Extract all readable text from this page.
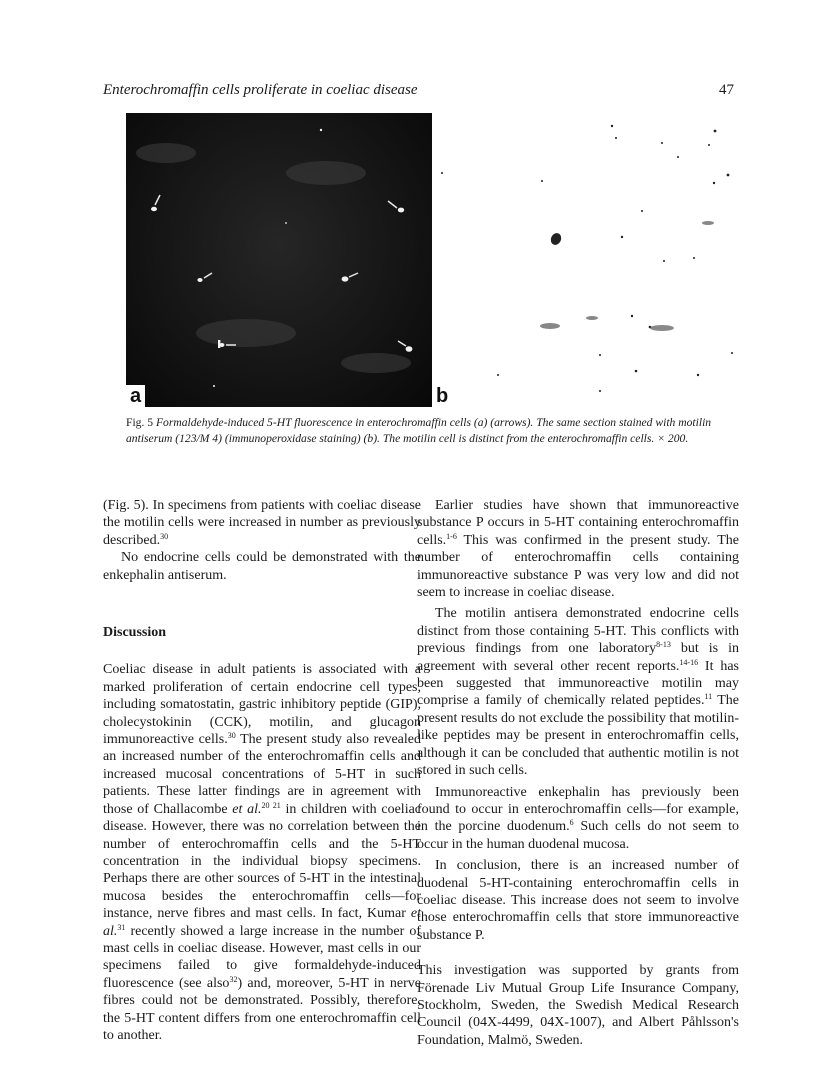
Enterochromaffin cells proliferate in coeliac disease	47
a	b
Fig. 5 Formaldehyde-induced 5-HT fluorescence in enterochromaffin cells (a) (arrows). The same section stained with motilin antiserum (123/M 4) (immunoperoxidase staining) (b). The motilin cell is distinct from the enterochromaffin cells. × 200.

(Fig. 5). In specimens from patients with coeliac disease the motilin cells were increased in number as previously described.$^{30}$

No endocrine cells could be demonstrated with the enkephalin antiserum.

Discussion

Coeliac disease in adult patients is associated with a marked proliferation of certain endocrine cell types, including somatostatin, gastric inhibitory peptide (GIP), cholecystokinin (CCK), motilin, and glucagon immunoreactive cells.$^{30}$ The present study also revealed an increased number of the enterochromaffin cells and increased mucosal concentrations of 5-HT in such patients. These latter findings are in agreement with those of Challacombe et al.$^{20 21}$ in children with coeliac disease. However, there was no correlation between the number of enterochromaffin cells and the 5-HT concentration in the individual biopsy specimens. Perhaps there are other sources of 5-HT in the intestinal mucosa besides the enterochromaffin cells—for instance, nerve fibres and mast cells. In fact, Kumar et al.$^{31}$ recently showed a large increase in the number of mast cells in coeliac disease. However, mast cells in our specimens failed to give formaldehyde-induced fluorescence (see also$^{32}$) and, moreover, 5-HT in nerve fibres could not be demonstrated. Possibly, therefore, the 5-HT content differs from one enterochromaffin cell to another.

Earlier studies have shown that immunoreactive substance P occurs in 5-HT containing enterochromaffin cells.$^{1-6}$ This was confirmed in the present study. The number of enterochromaffin cells containing immunoreactive substance P was very low and did not seem to increase in coeliac disease.

The motilin antisera demonstrated endocrine cells distinct from those containing 5-HT. This conflicts with previous findings from one laboratory$^{8-13}$ but is in agreement with several other recent reports.$^{14-16}$ It has been suggested that immunoreactive motilin may comprise a family of chemically related peptides.$^{11}$ The present results do not exclude the possibility that motilin-like peptides may be present in enterochromaffin cells, although it can be concluded that authentic motilin is not stored in such cells.

Immunoreactive enkephalin has previously been found to occur in enterochromaffin cells—for example, in the porcine duodenum.$^6$ Such cells do not seem to occur in the human duodenal mucosa.

In conclusion, there is an increased number of duodenal 5-HT-containing enterochromaffin cells in coeliac disease. This increase does not seem to involve those enterochromaffin cells that store immunoreactive substance P.

This investigation was supported by grants from Förenade Liv Mutual Group Life Insurance Company, Stockholm, Sweden, the Swedish Medical Research Council (04X-4499, 04X-1007), and Albert Påhlsson's Foundation, Malmö, Sweden.
